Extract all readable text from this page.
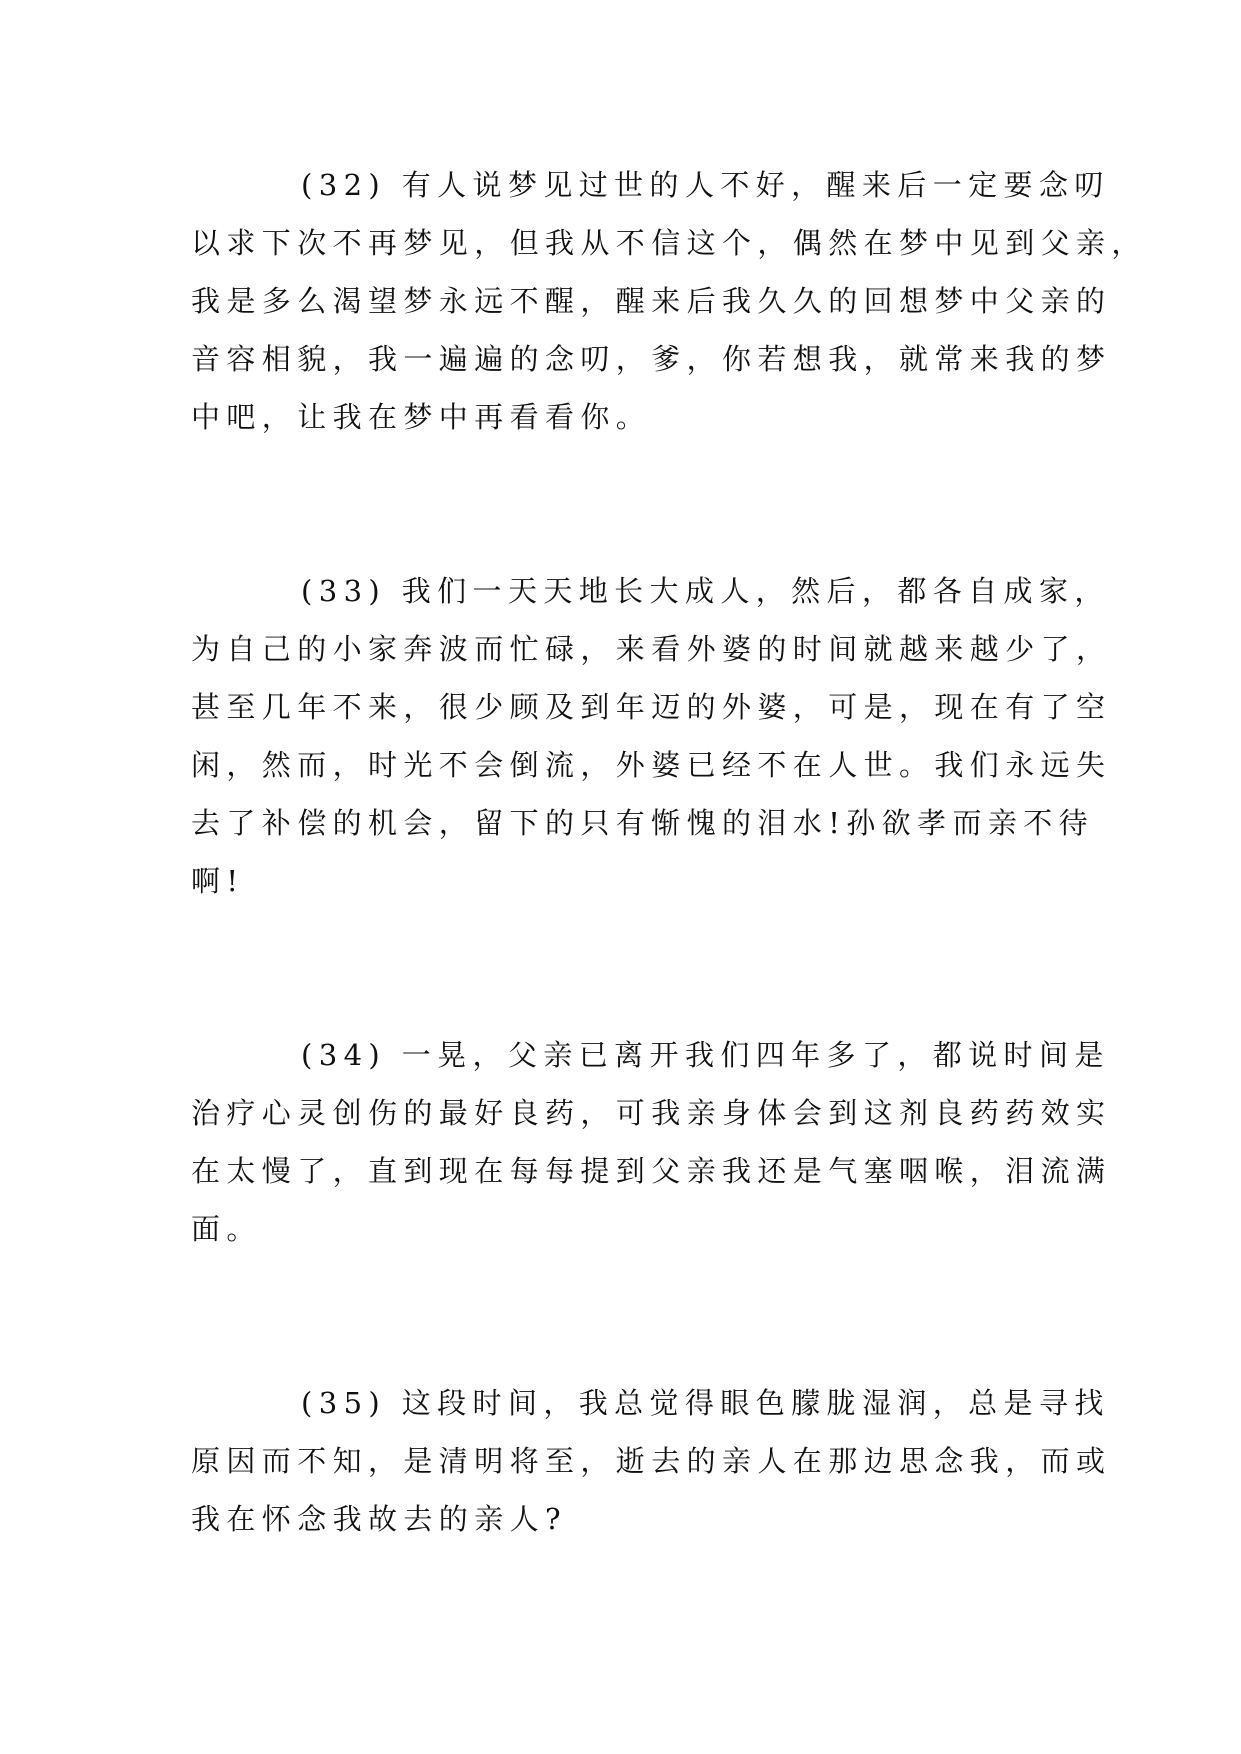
(32) 有人说梦见过世的人不好，醒来后一定要念叨
以求下次不再梦见，但我从不信这个，偶然在梦中见到父亲，
我是多么渴望梦永远不醒，醒来后我久久的回想梦中父亲的
音容相貌，我一遍遍的念叨，爹，你若想我，就常来我的梦
中吧，让我在梦中再看看你。
(33) 我们一天天地长大成人，然后，都各自成家，
为自己的小家奔波而忙碌，来看外婆的时间就越来越少了，
甚至几年不来，很少顾及到年迈的外婆，可是，现在有了空
闲，然而，时光不会倒流，外婆已经不在人世。我们永远失
去了补偿的机会，留下的只有惭愧的泪水!孙欲孝而亲不待
啊!
(34) 一晃，父亲已离开我们四年多了，都说时间是
治疗心灵创伤的最好良药，可我亲身体会到这剂良药药效实
在太慢了，直到现在每每提到父亲我还是气塞咽喉，泪流满
面。
(35) 这段时间，我总觉得眼色朦胧湿润，总是寻找
原因而不知，是清明将至，逝去的亲人在那边思念我，而或
我在怀念我故去的亲人?
